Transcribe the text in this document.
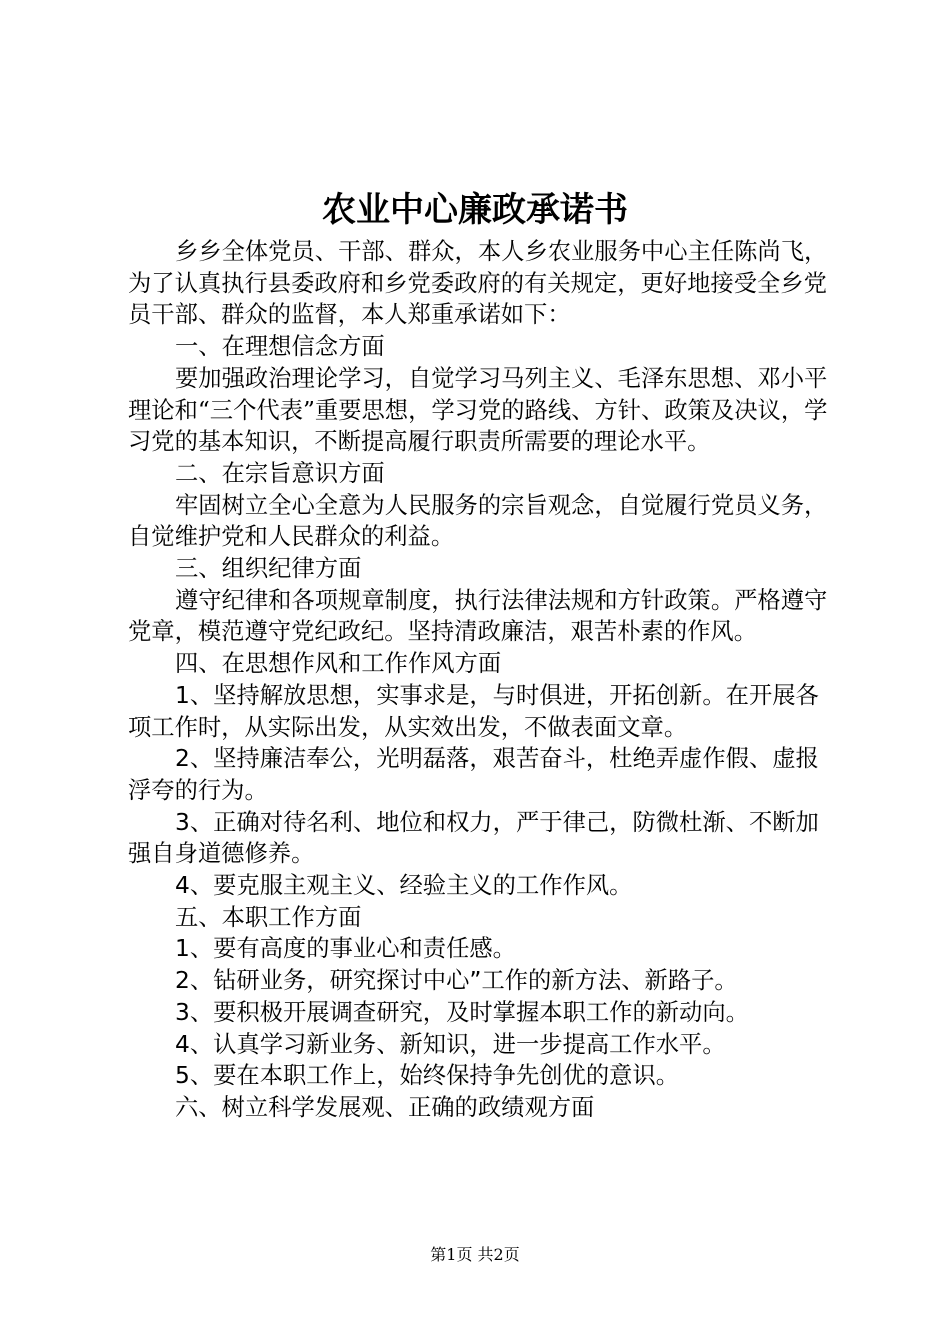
农业中心廉政承诺书

乡乡全体党员、干部、群众，本人乡农业服务中心主任陈尚飞，为了认真执行县委政府和乡党委政府的有关规定，更好地接受全乡党员干部、群众的监督，本人郑重承诺如下：

一、在理想信念方面

要加强政治理论学习，自觉学习马列主义、毛泽东思想、邓小平理论和“三个代表”重要思想，学习党的路线、方针、政策及决议，学习党的基本知识，不断提高履行职责所需要的理论水平。

二、在宗旨意识方面

牢固树立全心全意为人民服务的宗旨观念，自觉履行党员义务，自觉维护党和人民群众的利益。

三、组织纪律方面

遵守纪律和各项规章制度，执行法律法规和方针政策。严格遵守党章，模范遵守党纪政纪。坚持清政廉洁，艰苦朴素的作风。

四、在思想作风和工作作风方面

1、坚持解放思想，实事求是，与时俱进，开拓创新。在开展各项工作时，从实际出发，从实效出发，不做表面文章。

2、坚持廉洁奉公，光明磊落，艰苦奋斗，杜绝弄虚作假、虚报浮夸的行为。

3、正确对待名利、地位和权力，严于律己，防微杜渐、不断加强自身道德修养。

4、要克服主观主义、经验主义的工作作风。

五、本职工作方面

1、要有高度的事业心和责任感。

2、钻研业务，研究探讨中心”工作的新方法、新路子。

3、要积极开展调查研究，及时掌握本职工作的新动向。

4、认真学习新业务、新知识，进一步提高工作水平。

5、要在本职工作上，始终保持争先创优的意识。

六、树立科学发展观、正确的政绩观方面

第1页 共2页
